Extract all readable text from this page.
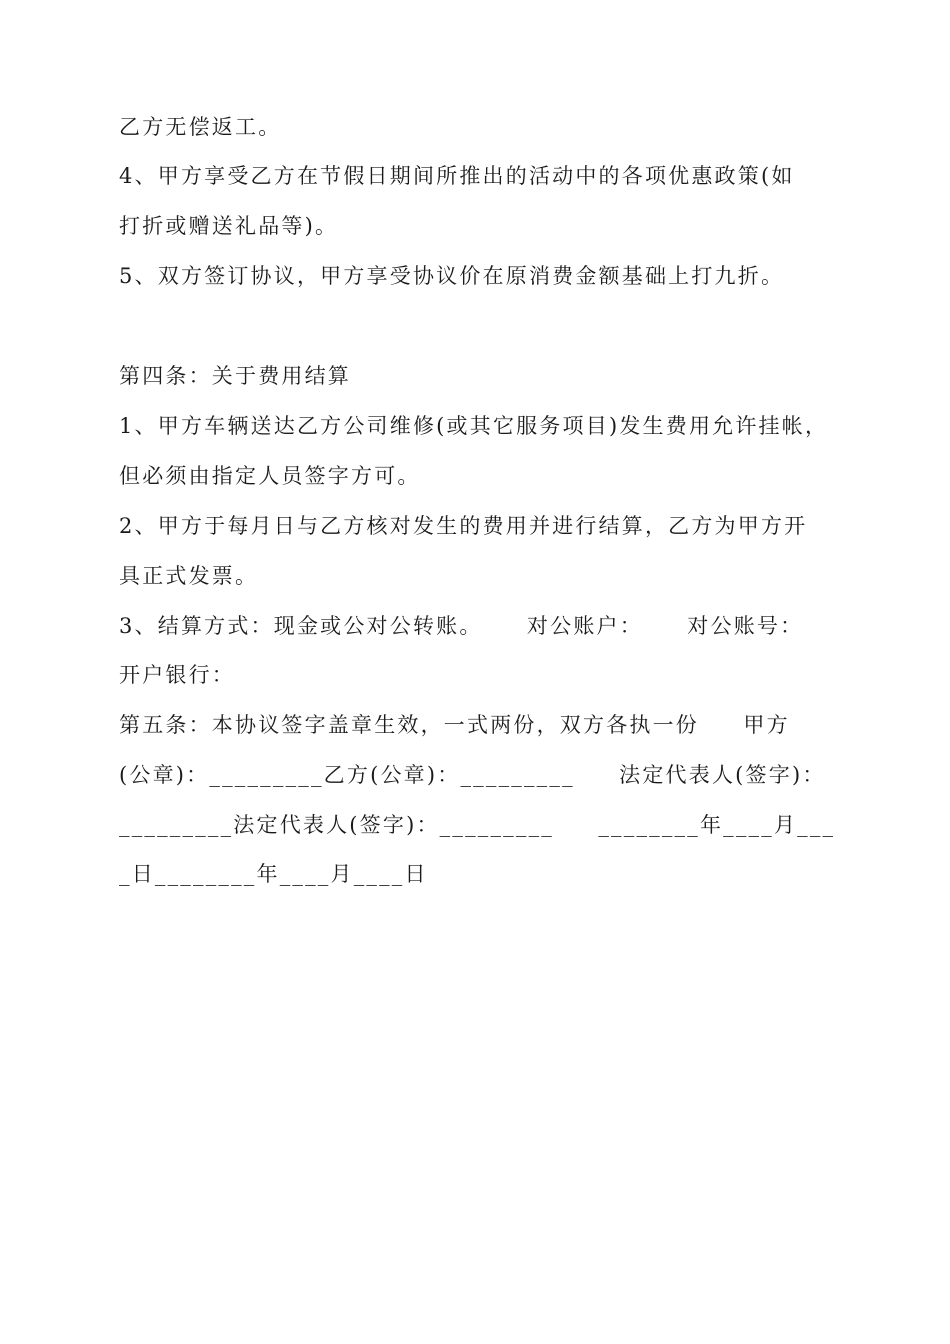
乙方无偿返工。
4、甲方享受乙方在节假日期间所推出的活动中的各项优惠政策(如
打折或赠送礼品等)。
5、双方签订协议，甲方享受协议价在原消费金额基础上打九折。
第四条：关于费用结算
1、甲方车辆送达乙方公司维修(或其它服务项目)发生费用允许挂帐，
但必须由指定人员签字方可。
2、甲方于每月日与乙方核对发生的费用并进行结算，乙方为甲方开
具正式发票。
3、结算方式：现金或公对公转账。     对公账户：     对公账号：
开户银行：
第五条：本协议签字盖章生效，一式两份，双方各执一份     甲方
(公章)：_________乙方(公章)：_________     法定代表人(签字)：
_________法定代表人(签字)：_________     ________年____月___
_日________年____月____日
